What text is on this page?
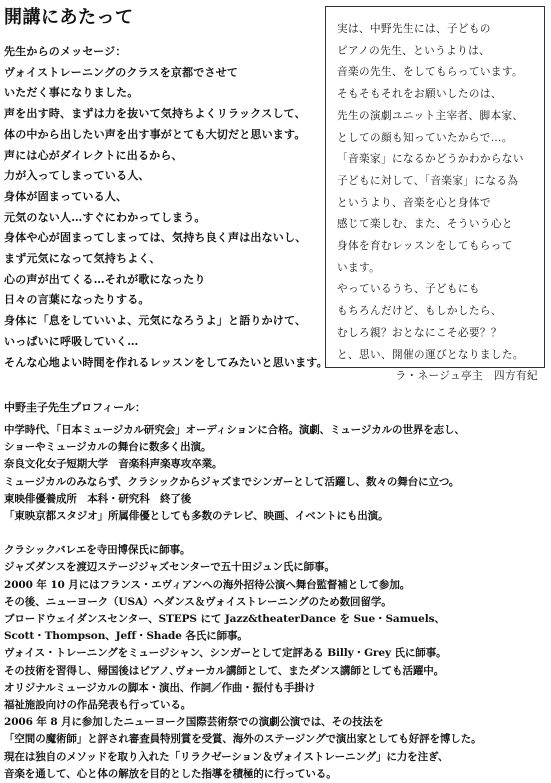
開講にあたって
先生からのメッセージ：
ヴォイストレーニングのクラスを京都でさせて
いただく事になりました。
声を出す時、まずは力を抜いて気持ちよくリラックスして、
体の中から出したい声を出す事がとても大切だと思います。
声には心がダイレクトに出るから、
力が入ってしまっている人、
身体が固まっている人、
元気のない人…すぐにわかってしまう。
身体や心が固まってしまっては、気持ち良く声は出ないし、
まず元気になって気持ちよく、
心の声が出てくる…それが歌になったり
日々の言葉になったりする。
身体に「息をしていいよ、元気になろうよ」と語りかけて、
いっぱいに呼吸していく…
そんな心地よい時間を作れるレッスンをしてみたいと思います。
実は、中野先生には、子どもの
ピアノの先生、というよりは、
音楽の先生、をしてもらっています。
そもそもそれをお願いしたのは、
先生の演劇ユニット主宰者、脚本家、
としての顔も知っていたからで…。
「音楽家」になるかどうかわからない
子どもに対して、「音楽家」になる為
というより、音楽を心と身体で
感じて楽しむ、また、そういう心と
身体を育むレッスンをしてもらって
います。
やっているうち、子どもにも
もちろんだけど、もしかしたら、
むしろ親？おとなにこそ必要？？
と、思い、開催の運びとなりました。
ラ・ネージュ亭主　四方有紀
中野圭子先生プロフィール：
中学時代、「日本ミュージカル研究会」オーディションに合格。演劇、ミュージカルの世界を志し、
ショーやミュージカルの舞台に数多く出演。
奈良文化女子短期大学　音楽科声楽専攻卒業。
ミュージカルのみならず、クラシックからジャズまでシンガーとして活躍し、数々の舞台に立つ。
東映俳優養成所　本科・研究科　終了後
「東映京都スタジオ」所属俳優としても多数のテレビ、映画、イベントにも出演。
クラシックバレエを寺田博保氏に師事。
ジャズダンスを渡辺ステージジャズセンターで五十田ジュン氏に師事。
2000 年 10 月にはフランス・エヴィアンへの海外招待公演へ舞台監督補として参加。
その後、ニューヨーク（USA）へダンス＆ヴォイストレーニングのため数回留学。
ブロードウェイダンスセンター、STEPS にて Jazz&theaterDance を Sue・Samuels、
Scott・Thompson、Jeff・Shade 各氏に師事。
ヴォイス・トレーニングをミュージシャン、シンガーとして定評ある Billy・Grey 氏に師事。
その技術を習得し、帰国後はピアノ､ヴォーカル講師として、またダンス講師としても活躍中。
オリジナルミュージカルの脚本・演出、作詞／作曲・振付も手掛け
福祉施設向けの作品発表も行っている。
2006 年 8 月に参加したニューヨーク国際芸術祭での演劇公演では、その技法を
「空間の魔術師」と評され審査員特別賞を受賞、海外のステージングで演出家としても好評を博した。
現在は独自のメソッドを取り入れた「リラクゼーション＆ヴォイストレーニング」に力を注ぎ、
音楽を通して、心と体の解放を目的とした指導を積極的に行っている。
